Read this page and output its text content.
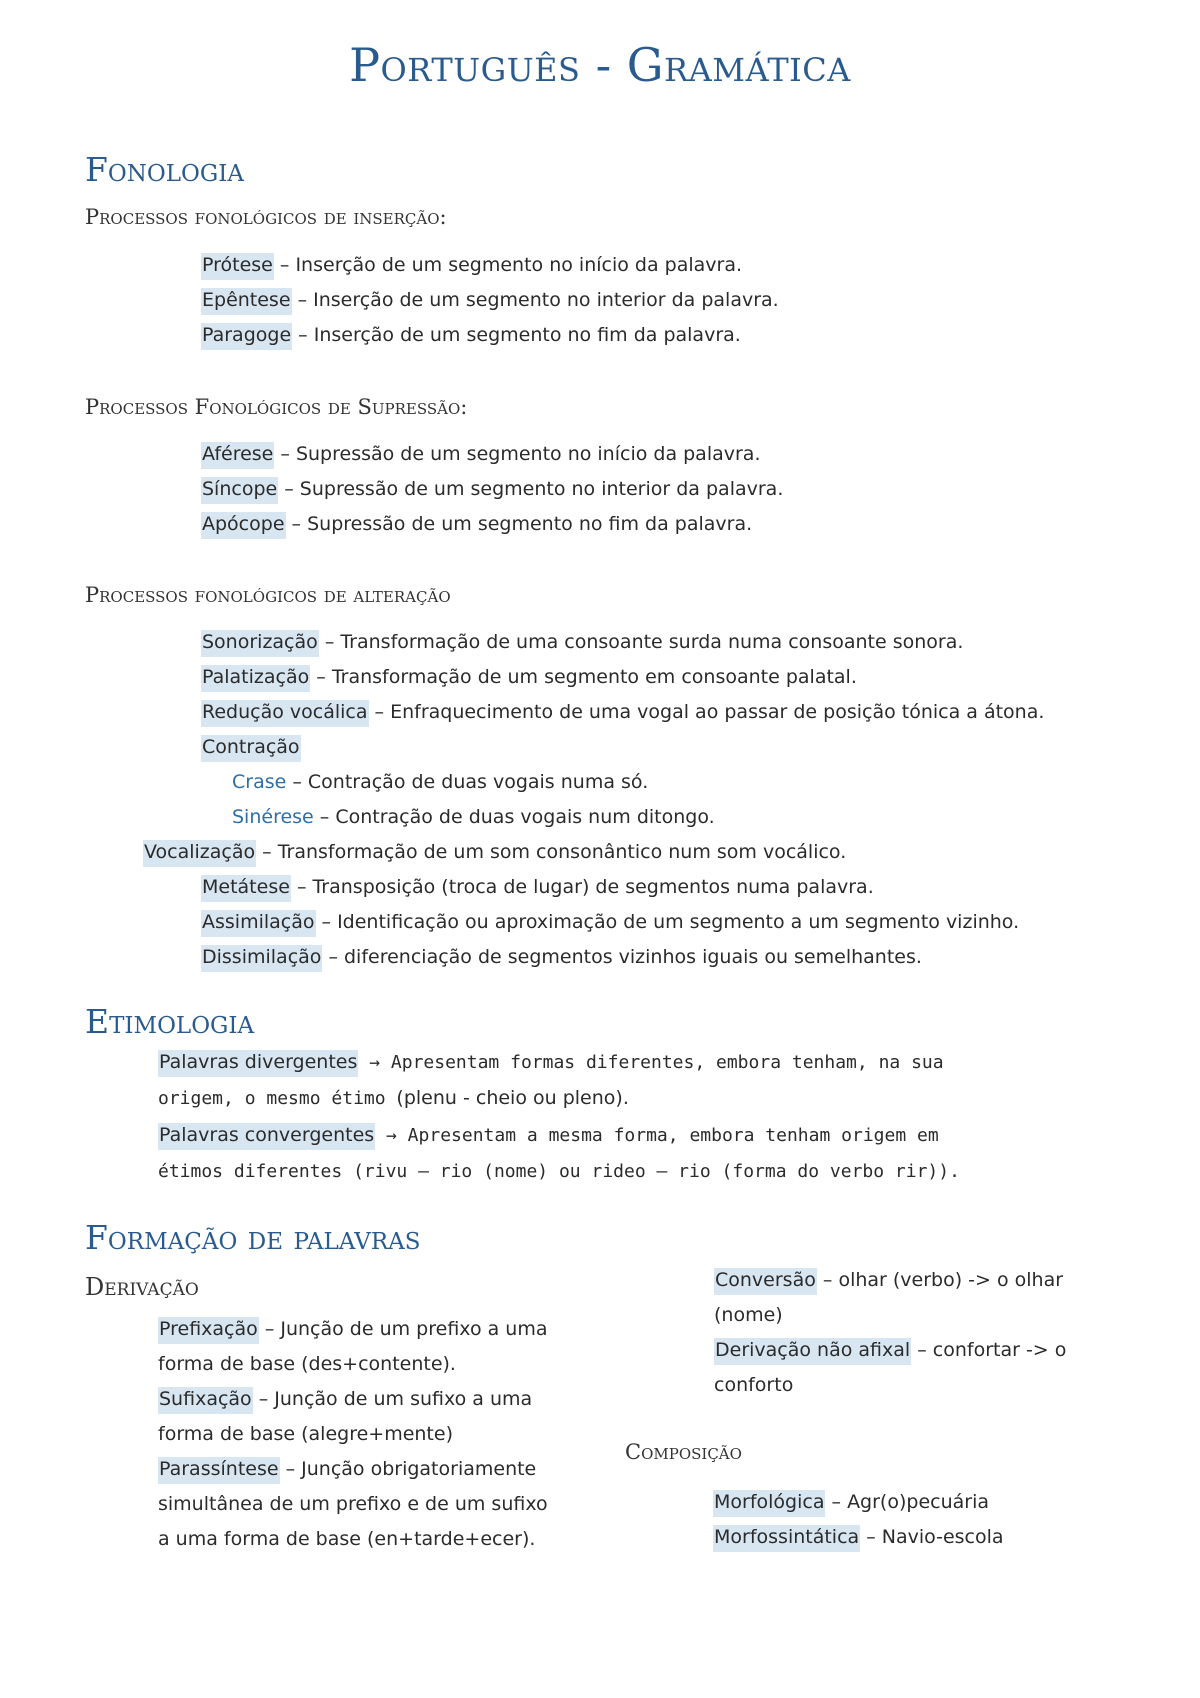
Português - Gramática
Fonologia
Processos fonológicos de inserção:
Prótese – Inserção de um segmento no início da palavra.
Epêntese – Inserção de um segmento no interior da palavra.
Paragoge – Inserção de um segmento no fim da palavra.
Processos Fonológicos de Supressão:
Aférese – Supressão de um segmento no início da palavra.
Síncope – Supressão de um segmento no interior da palavra.
Apócope – Supressão de um segmento no fim da palavra.
Processos fonológicos de alteração
Sonorização – Transformação de uma consoante surda numa consoante sonora.
Palatização – Transformação de um segmento em consoante palatal.
Redução vocálica – Enfraquecimento de uma vogal ao passar de posição tónica a átona.
Contração
Crase – Contração de duas vogais numa só.
Sinérese – Contração de duas vogais num ditongo.
Vocalização – Transformação de um som consonântico num som vocálico.
Metátese – Transposição (troca de lugar) de segmentos numa palavra.
Assimilação – Identificação ou aproximação de um segmento a um segmento vizinho.
Dissimilação – diferenciação de segmentos vizinhos iguais ou semelhantes.
Etimologia
Palavras divergentes → Apresentam formas diferentes, embora tenham, na sua
origem, o mesmo étimo (plenu - cheio ou pleno).
Palavras convergentes → Apresentam a mesma forma, embora tenham origem em
étimos diferentes (rivu – rio (nome) ou rideo – rio (forma do verbo rir)).
Formação de palavras
Derivação
Prefixação – Junção de um prefixo a uma
forma de base (des+contente).
Sufixação – Junção de um sufixo a uma
forma de base (alegre+mente)
Parassíntese – Junção obrigatoriamente
simultânea de um prefixo e de um sufixo
a uma forma de base (en+tarde+ecer).
Conversão – olhar (verbo) -> o olhar
(nome)
Derivação não afixal – confortar -> o
conforto
Composição
Morfológica – Agr(o)pecuária
Morfossintática – Navio-escola
